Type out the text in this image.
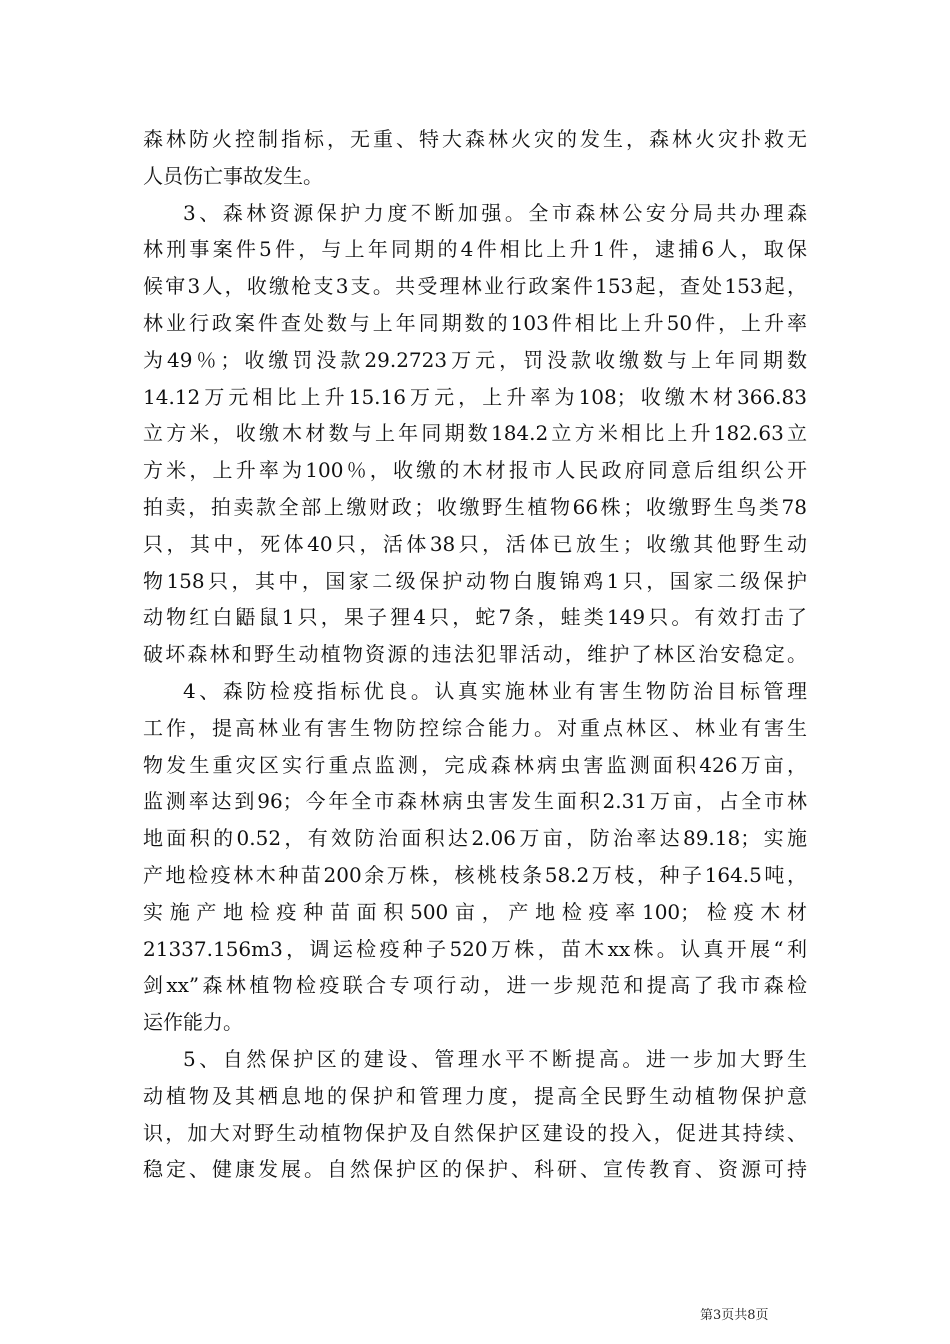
森林防火控制指标，无重、特大森林火灾的发生，森林火灾扑救无
人员伤亡事故发生。
3、森林资源保护力度不断加强。全市森林公安分局共办理森
林刑事案件5件，与上年同期的4件相比上升1件，逮捕6人，取保
候审3人，收缴枪支3支。共受理林业行政案件153起，查处153起，
林业行政案件查处数与上年同期数的103件相比上升50件，上升率
为49％；收缴罚没款29.2723万元，罚没款收缴数与上年同期数
14.12万元相比上升15.16万元，上升率为108；收缴木材366.83
立方米，收缴木材数与上年同期数184.2立方米相比上升182.63立
方米，上升率为100％，收缴的木材报市人民政府同意后组织公开
拍卖，拍卖款全部上缴财政；收缴野生植物66株；收缴野生鸟类78
只，其中，死体40只，活体38只，活体已放生；收缴其他野生动
物158只，其中，国家二级保护动物白腹锦鸡1只，国家二级保护
动物红白鼯鼠1只，果子狸4只，蛇7条，蛙类149只。有效打击了
破坏森林和野生动植物资源的违法犯罪活动，维护了林区治安稳定。
4、森防检疫指标优良。认真实施林业有害生物防治目标管理
工作，提高林业有害生物防控综合能力。对重点林区、林业有害生
物发生重灾区实行重点监测，完成森林病虫害监测面积426万亩，
监测率达到96；今年全市森林病虫害发生面积2.31万亩，占全市林
地面积的0.52，有效防治面积达2.06万亩，防治率达89.18；实施
产地检疫林木种苗200余万株，核桃枝条58.2万枝，种子164.5吨，
实施产地检疫种苗面积500亩，产地检疫率100；检疫木材
21337.156m3，调运检疫种子520万株，苗木xx株。认真开展“利
剑xx”森林植物检疫联合专项行动，进一步规范和提高了我市森检
运作能力。
5、自然保护区的建设、管理水平不断提高。进一步加大野生
动植物及其栖息地的保护和管理力度，提高全民野生动植物保护意
识，加大对野生动植物保护及自然保护区建设的投入，促进其持续、
稳定、健康发展。自然保护区的保护、科研、宣传教育、资源可持
第3页共8页
